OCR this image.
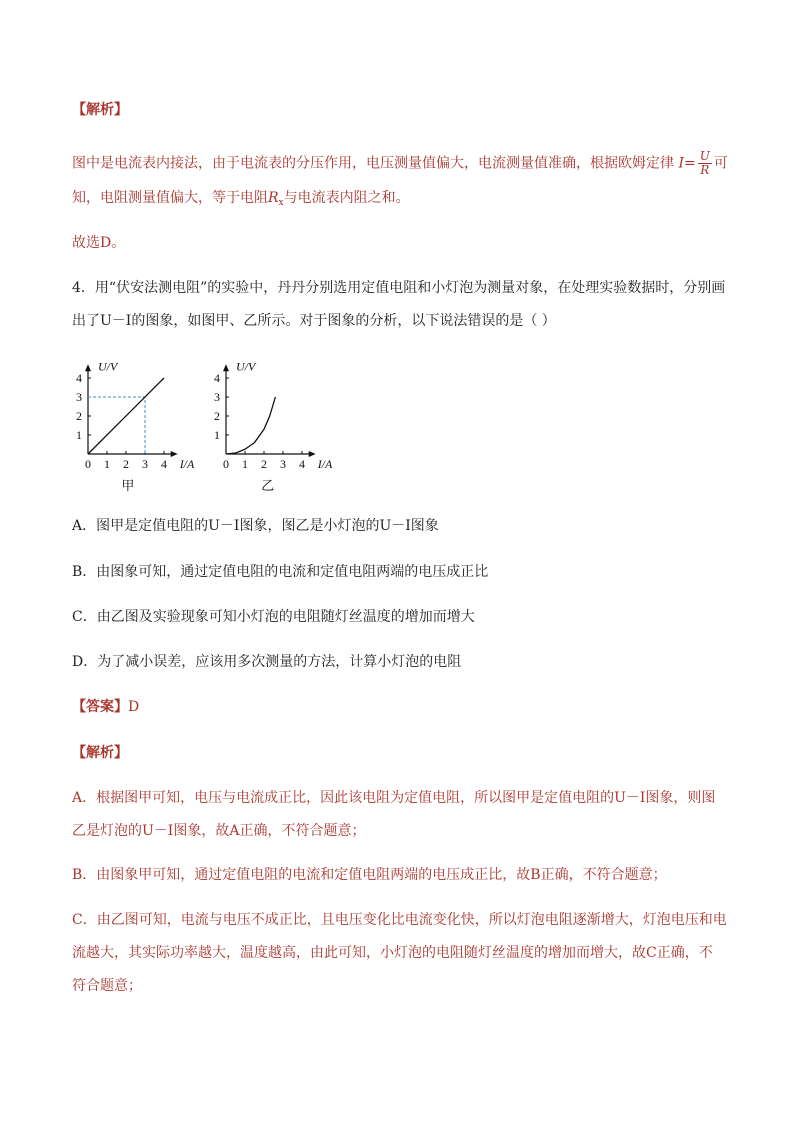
【解析】
图中是电流表内接法，由于电流表的分压作用，电压测量值偏大，电流测量值准确，根据欧姆定律 $I= \frac{U}{R}$ 可
知，电阻测量值偏大，等于电阻$R_x$与电流表内阻之和。
故选D。
4．用“伏安法测电阻”的实验中，丹丹分别选用定值电阻和小灯泡为测量对象，在处理实验数据时，分别画
出了U－I的图象，如图甲、乙所示。对于图象的分析，以下说法错误的是（ ）
0 1 2 3 4
1
2
3
4
U/V
I/A
甲
0 1 2 3 4
1
2
3
4
U/V
I/A
乙
A．图甲是定值电阻的U－I图象，图乙是小灯泡的U－I图象
B．由图象可知，通过定值电阻的电流和定值电阻两端的电压成正比
C．由乙图及实验现象可知小灯泡的电阻随灯丝温度的增加而增大
D．为了减小误差，应该用多次测量的方法，计算小灯泡的电阻
【答案】D
【解析】
A．根据图甲可知，电压与电流成正比，因此该电阻为定值电阻，所以图甲是定值电阻的U－I图象，则图
乙是灯泡的U－I图象，故A正确，不符合题意；
B．由图象甲可知，通过定值电阻的电流和定值电阻两端的电压成正比，故B正确，不符合题意；
C．由乙图可知，电流与电压不成正比，且电压变化比电流变化快，所以灯泡电阻逐渐增大，灯泡电压和电
流越大，其实际功率越大，温度越高，由此可知，小灯泡的电阻随灯丝温度的增加而增大，故C正确，不
符合题意；
